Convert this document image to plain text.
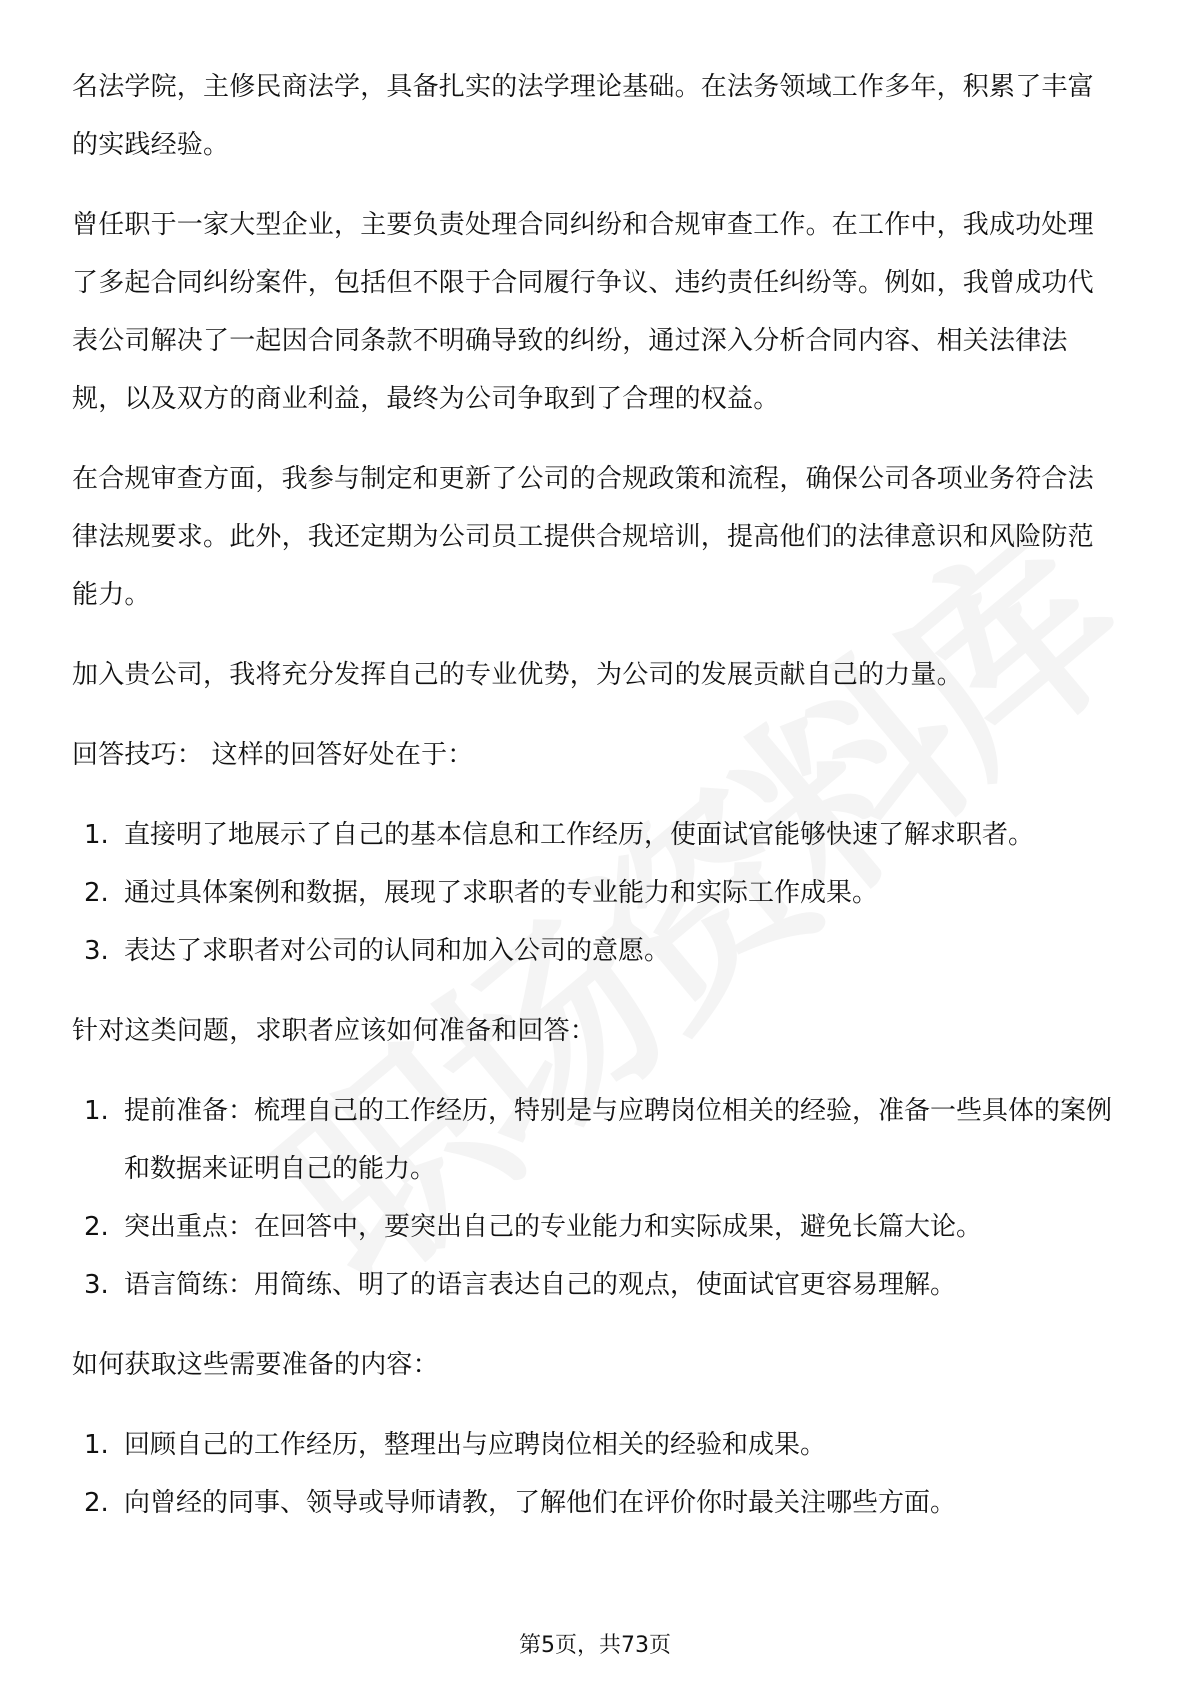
名法学院，主修民商法学，具备扎实的法学理论基础。在法务领域工作多年，积累了丰富的实践经验。

曾任职于一家大型企业，主要负责处理合同纠纷和合规审查工作。在工作中，我成功处理了多起合同纠纷案件，包括但不限于合同履行争议、违约责任纠纷等。例如，我曾成功代表公司解决了一起因合同条款不明确导致的纠纷，通过深入分析合同内容、相关法律法规，以及双方的商业利益，最终为公司争取到了合理的权益。

在合规审查方面，我参与制定和更新了公司的合规政策和流程，确保公司各项业务符合法律法规要求。此外，我还定期为公司员工提供合规培训，提高他们的法律意识和风险防范能力。

加入贵公司，我将充分发挥自己的专业优势，为公司的发展贡献自己的力量。

回答技巧： 这样的回答好处在于：

1. 直接明了地展示了自己的基本信息和工作经历，使面试官能够快速了解求职者。
2. 通过具体案例和数据，展现了求职者的专业能力和实际工作成果。
3. 表达了求职者对公司的认同和加入公司的意愿。

针对这类问题，求职者应该如何准备和回答：

1. 提前准备：梳理自己的工作经历，特别是与应聘岗位相关的经验，准备一些具体的案例和数据来证明自己的能力。
2. 突出重点：在回答中，要突出自己的专业能力和实际成果，避免长篇大论。
3. 语言简练：用简练、明了的语言表达自己的观点，使面试官更容易理解。

如何获取这些需要准备的内容：

1. 回顾自己的工作经历，整理出与应聘岗位相关的经验和成果。
2. 向曾经的同事、领导或导师请教，了解他们在评价你时最关注哪些方面。
第5页，共73页
